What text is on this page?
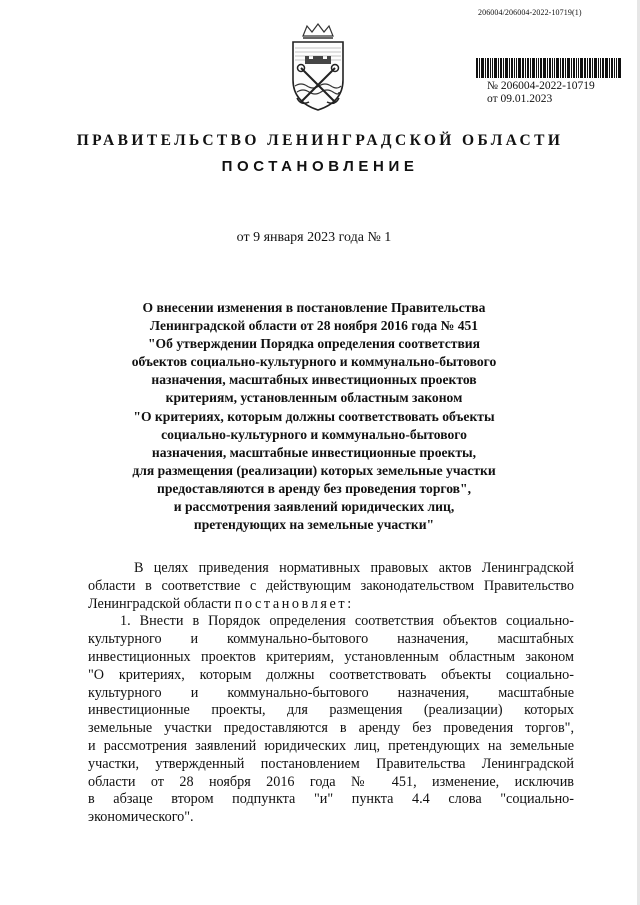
206004/206004-2022-10719(1)
№ 206004-2022-10719
от 09.01.2023
ПРАВИТЕЛЬСТВО ЛЕНИНГРАДСКОЙ ОБЛАСТИ
ПОСТАНОВЛЕНИЕ
от 9 января 2023 года № 1
О внесении изменения в постановление Правительства
Ленинградской области от 28 ноября 2016 года № 451
"Об утверждении Порядка определения соответствия
объектов социально-культурного и коммунально-бытового
назначения, масштабных инвестиционных проектов
критериям, установленным областным законом
"О критериях, которым должны соответствовать объекты
социально-культурного и коммунально-бытового
назначения, масштабные инвестиционные проекты,
для размещения (реализации) которых земельные участки
предоставляются в аренду без проведения торгов",
и рассмотрения заявлений юридических лиц,
претендующих на земельные участки"
В целях приведения нормативных правовых актов Ленинградской
области в соответствие с действующим законодательством Правительство
Ленинградской области постановляет:
1. Внести в Порядок определения соответствия объектов социально-
культурного и коммунально-бытового назначения, масштабных
инвестиционных проектов критериям, установленным областным законом
"О критериях, которым должны соответствовать объекты социально-
культурного и коммунально-бытового назначения, масштабные
инвестиционные проекты, для размещения (реализации) которых
земельные участки предоставляются в аренду без проведения торгов",
и рассмотрения заявлений юридических лиц, претендующих на земельные
участки, утвержденный постановлением Правительства Ленинградской
области от 28 ноября 2016 года № 451, изменение, исключив
в абзаце втором подпункта "и" пункта 4.4 слова "социально-
экономического".
